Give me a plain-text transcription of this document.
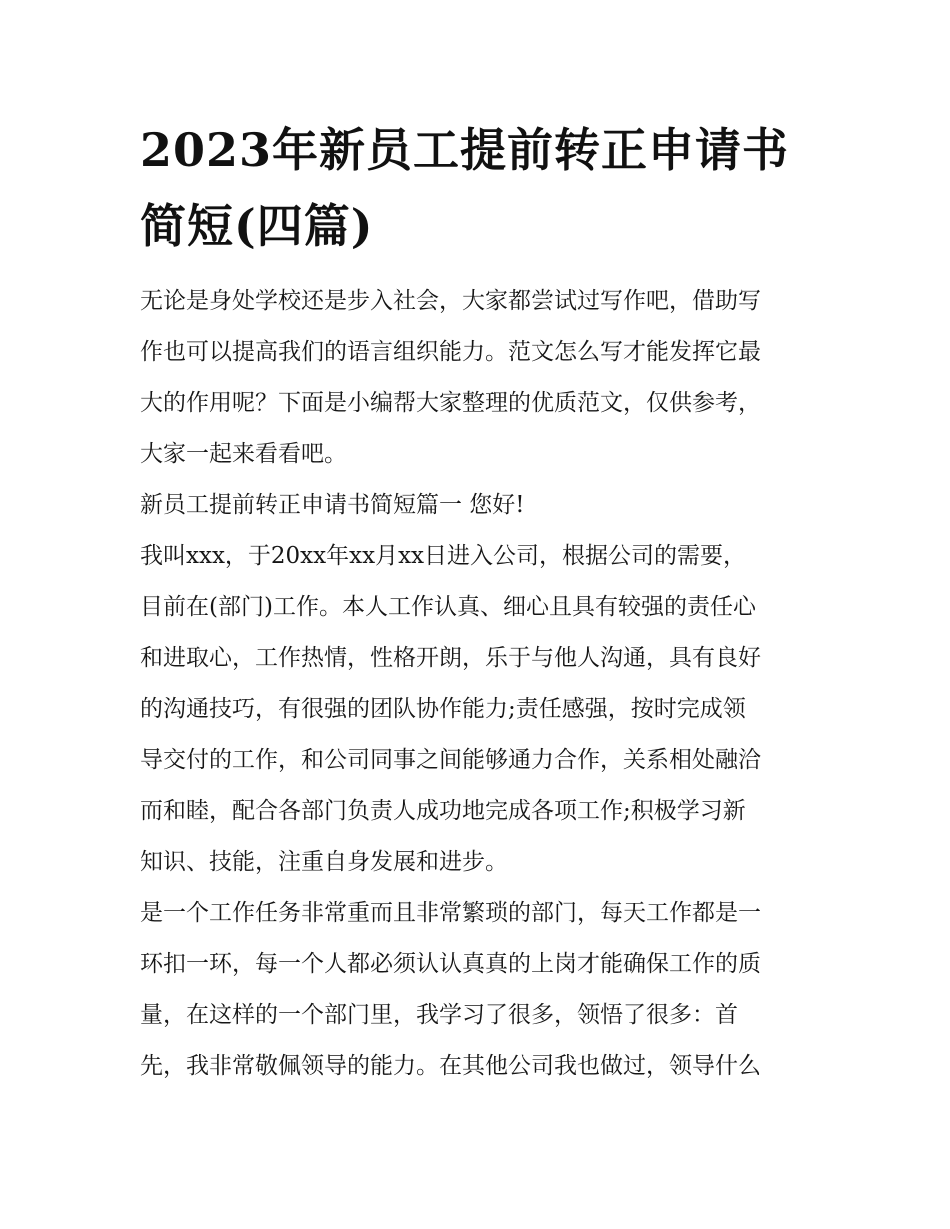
2023年新员工提前转正申请书
简短(四篇)
无论是身处学校还是步入社会，大家都尝试过写作吧，借助写
作也可以提高我们的语言组织能力。范文怎么写才能发挥它最
大的作用呢？下面是小编帮大家整理的优质范文，仅供参考，
大家一起来看看吧。
新员工提前转正申请书简短篇一 您好!
我叫xxx，于20xx年xx月xx日进入公司，根据公司的需要，
目前在(部门)工作。本人工作认真、细心且具有较强的责任心
和进取心，工作热情，性格开朗，乐于与他人沟通，具有良好
的沟通技巧，有很强的团队协作能力;责任感强，按时完成领
导交付的工作，和公司同事之间能够通力合作，关系相处融洽
而和睦，配合各部门负责人成功地完成各项工作;积极学习新
知识、技能，注重自身发展和进步。
是一个工作任务非常重而且非常繁琐的部门，每天工作都是一
环扣一环，每一个人都必须认认真真的上岗才能确保工作的质
量，在这样的一个部门里，我学习了很多，领悟了很多：首
先，我非常敬佩领导的能力。在其他公司我也做过，领导什么
